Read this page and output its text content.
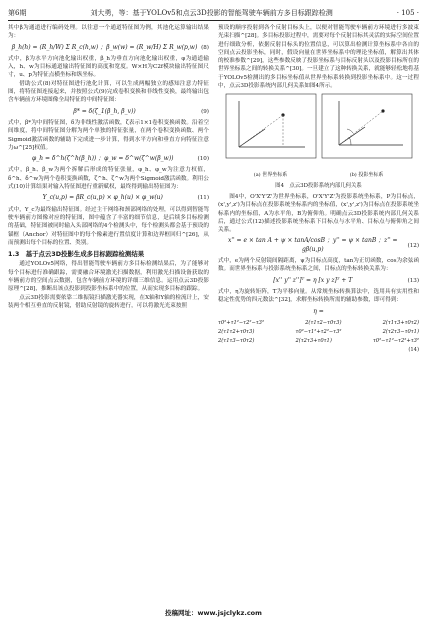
第6期	刘大勇，等：基于YOLOv5和点云3D投影的智能驾驶车辆前方多目标跟踪检测	· 105 ·

其中β为通道进行编码处理。以往意一个通道特征图为例，其池化运算输出结果为：

β_h(h) = (R_h/W) Σ R_c(h,w) ；β_w(w) = (R_w/H) Σ R_w(p,w) (8)

式中，β为水平方向池化输出权重，β_h为垂直方向池化输出权重，φ为通道输入，h、w为目标通道输出特征图的高度和宽度。W×H为C2f模块输出特征图尺寸，u、p为特征点横坐标和纵坐标。

借助公式(8)对特征图进行池化计算，可以生成两幅独立的感知注意力特征图，将特征图连接起来，并按照公式(9)完成卷积变换和非线性变换，最终输出包含车辆前方环境图像全局特征的中间特征图：

β* = δ(ζ_1(β_h, β_v))	(9)

式中，β*为中间特征图，δ为非线性激活函数，ζ表示1×1卷积变换函数。沿着空间维度，将中间特征图分解为两个单独的特征张量，在两个卷积变换函数、两个Sigmoid激活函数的辅助下完成进一步计算，得到水平方向和垂直方向特征注意力ω^[25]权值。

φ_h = δ^h(ζ^h(β_h)) ；φ_w = δ^w(ζ^w(β_w))	(10)

式中，β_h、β_w为两个拆解后形成的特征张量，φ_h、φ_w为注意力权值，δ^h、δ^w为两个卷积变换函数，ζ^h、ζ^w为两个Sigmoid激活函数。利用公式(10)计算结果对输入特征图进行重新赋权，最终得到输出特征图为：

Y_c(u,p) = βR_c(u,p) × φ_h(u) × φ_w(u)	(11)

式中，Y_c为最终输出特征图。经过主干网络和颈部网络的处理，可以得到智能驾驶车辆前方图像对应的特征图，图中蕴含了丰富的细节信息，是后续多目标检测的基础，特征图被同时输入头部网络的4个检测头中，每个检测头都会基于预设的锚框（Anchor）对特征图中的每个像素进行置信度计算和边界框回归^[26]，从而预测出每个目标的位置、类别。

1.3　基于点云3D投影生成多目标跟踪检测结果

通过YOLOv5网络，得出智能驾驶车辆前方多目标检测结果后，为了能够对每个目标进行准确跟踪，需要融合环境激光扫描数据，利用激光扫描设备获取的车辆前方的空间点云数据，包含车辆前方环境的详细三维信息。运用点云3D投影原理^[28]，推断出该点投影到投影坐标系中的位置，从而实现多目标的跟踪。

点云3D投影需要依靠二维振镜扫描激光器实现，在X轴和Y轴的检流计上，安装两个相互垂直的反射镜，借助反射镜的旋转进行，可以将激光光束按照

预设的顺序投射到各个反射目标头上，以便对智能驾驶车辆前方环境进行多波束光束扫描^[28]。多目标投影过程中，需要对每个反射目标其灵活的实际空间位置进行细致分析，依据反射目标头的位置信息，可以算出检测计算坐标系中各自的空间点云投影坐标，同时，假设向量在世界坐标系中的理论坐标值，解算出其体的校准参数^[29]，这些参数反映了投影坐标系与目标反射头以及投影目标所在的世界坐标系之间的转换关系^[30]。一旦建立了这种转换关系，就能够轻松地将基于YOLOv5检测出的多目标坐标值从世界坐标系转换到投影坐标系中。这一过程中，点云3D投影系统内部几何关系如图4所示。

(a) 世界坐标系	(b) 投影坐标系
图4　点云3D投影系统内部几何关系

图4中，O'X'Y'Z'为世界坐标系，O'X'Y'Z'为投影系统坐标系，P为目标点，(x',y',z')为目标点在投影系统坐标系内的坐标值，(x',y',z')为目标点在投影系统坐标系内的坐标值，A为水平角，B为俯仰角。明确点云3D投影系统内部几何关系后，通过公式(12)描述投影系统坐标系下目标点与水平角、目标点与俯仰角之间关系。

x'' = e × tan A + ψ × tanA/cosB ；y'' = ψ × tanB ；z'' = gβ(u,p)
(12)

式中，e为两个反射镜间隔距离，ψ为目标点高度，tan为正切函数，cos为余弦函数。而世界坐标系与投影系统坐标系之间，目标点的坐标转换关系为：

[x'' y'' z'']ᵀ = η [x y z]ᵀ + T	(13)

式中，η为旋转矩阵，T为平移向量。从常规坐标转换算法中，选用具有实用性和稳定性优势的四元数法^[32]，求解坐标转换所需的辅助参数，即可得到：

η =
τ0²+τ1²−τ2²−τ3²	2(τ1τ2−τ0τ3)	2(τ1τ3+τ0τ2)
2(τ1τ2+τ0τ3)	τ0²−τ1²+τ2²−τ3²	2(τ2τ3−τ0τ1)
2(τ1τ3−τ0τ2)	2(τ2τ3+τ0τ1)	τ0²−τ1²−τ2²+τ3²
(14)
投稿网址：www.jsjclykz.com
